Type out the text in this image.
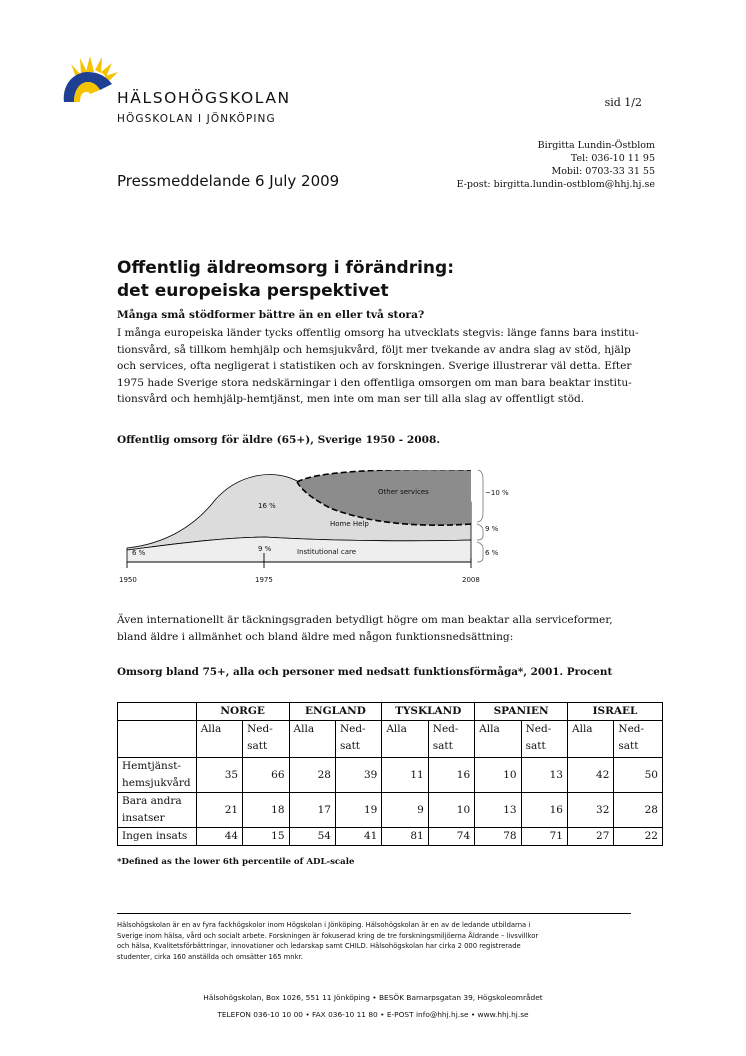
HÄLSOHÖGSKOLAN
HÖGSKOLAN I JÖNKÖPING
sid 1/2
Birgitta Lundin-Östblom
Tel: 036-10 11 95
Mobil: 0703-33 31 55
E-post: birgitta.lundin-ostblom@hhj.hj.se
Pressmeddelande 6 July 2009
Offentlig äldreomsorg i förändring:
det europeiska perspektivet
Många små stödformer bättre än en eller två stora?
I många europeiska länder tycks offentlig omsorg ha utvecklats stegvis: länge fanns bara institu-
tionsvård, så tillkom hemhjälp och hemsjukvård, följt mer tvekande av andra slag av stöd, hjälp
och services, ofta negligerat i statistiken och av forskningen. Sverige illustrerar väl detta. Efter
1975 hade Sverige stora nedskärningar i den offentliga omsorgen om man bara beaktar institu-
tionsvård och hemhjälp-hemtjänst, men inte om man ser till alla slag av offentligt stöd.
Offentlig omsorg för äldre (65+), Sverige 1950 - 2008.
16 %
Other services
Home Help
9 %	Institutional care
6 %
~10 %
9 %
6 %
1950	1975	2008
Även internationellt är täckningsgraden betydligt högre om man beaktar alla serviceformer,
bland äldre i allmänhet och bland äldre med någon funktionsnedsättning:
Omsorg bland 75+, alla och personer med nedsatt funktionsförmåga*, 2001. Procent
	NORGE		ENGLAND		TYSKLAND		SPANIEN		ISRAEL	
	Alla	Ned-
satt	Alla	Ned-
satt	Alla	Ned-
satt	Alla	Ned-
satt	Alla	Ned-
satt
Hemtjänst-
hemsjukvård	35	66	28	39	11	16	10	13	42	50
Bara andra
insatser	21	18	17	19	9	10	13	16	32	28
Ingen insats	44	15	54	41	81	74	78	71	27	22
*Defined as the lower 6th percentile of ADL-scale
Hälsohögskolan är en av fyra fackhögskolor inom Högskolan i Jönköping. Hälsohögskolan är en av de ledande utbildarna i
Sverige inom hälsa, vård och socialt arbete. Forskningen är fokuserad kring de tre forskningsmiljöerna Åldrande – livsvillkor
och hälsa, Kvalitetsförbättringar, innovationer och ledarskap samt CHILD. Hälsohögskolan har cirka 2 000 registrerade
studenter, cirka 160 anställda och omsätter 165 mnkr.
Hälsohögskolan, Box 1026, 551 11 Jönköping • BESÖK Barnarpsgatan 39, Högskoleområdet
TELEFON 036-10 10 00 • FAX 036-10 11 80 • E-POST info@hhj.hj.se • www.hhj.hj.se
